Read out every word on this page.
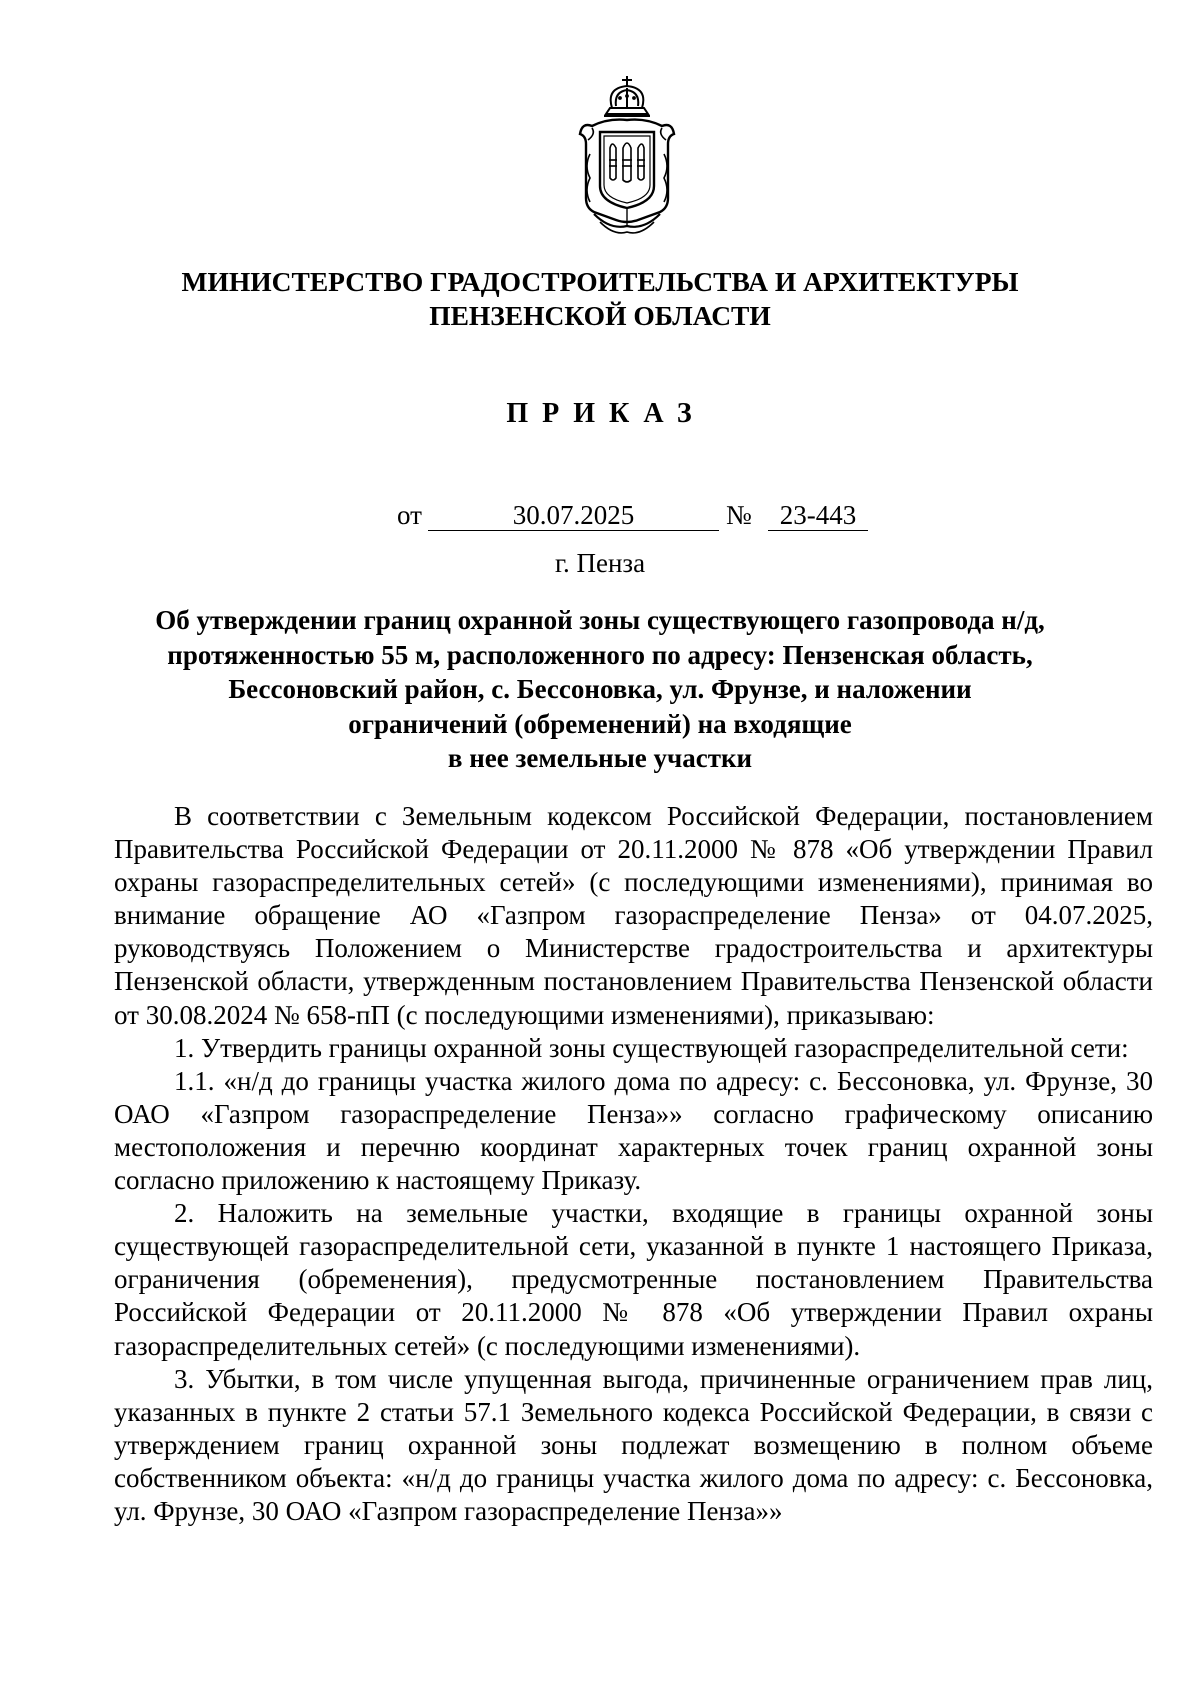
МИНИСТЕРСТВО ГРАДОСТРОИТЕЛЬСТВА И АРХИТЕКТУРЫ
ПЕНЗЕНСКОЙ ОБЛАСТИ
ПРИКАЗ
от	30.07.2025	№	23-443
г. Пенза
Об утверждении границ охранной зоны существующего газопровода н/д,
протяженностью 55 м, расположенного по адресу: Пензенская область,
Бессоновский район, с. Бессоновка, ул. Фрунзе, и наложении
ограничений (обременений) на входящие
в нее земельные участки

В соответствии с Земельным кодексом Российской Федерации, постановлением Правительства Российской Федерации от 20.11.2000 № 878 «Об утверждении Правил охраны газораспределительных сетей» (с последующими изменениями), принимая во внимание обращение АО «Газпром газораспределение Пенза» от 04.07.2025, руководствуясь Положением о Министерстве градостроительства и архитектуры Пензенской области, утвержденным постановлением Правительства Пензенской области от 30.08.2024 № 658-пП (с последующими изменениями), приказываю:

1. Утвердить границы охранной зоны существующей газораспределительной сети:

1.1. «н/д до границы участка жилого дома по адресу: с. Бессоновка, ул. Фрунзе, 30 ОАО «Газпром газораспределение Пенза»» согласно графическому описанию местоположения и перечню координат характерных точек границ охранной зоны согласно приложению к настоящему Приказу.

2. Наложить на земельные участки, входящие в границы охранной зоны существующей газораспределительной сети, указанной в пункте 1 настоящего Приказа, ограничения (обременения), предусмотренные постановлением Правительства Российской Федерации от 20.11.2000 № 878 «Об утверждении Правил охраны газораспределительных сетей» (с последующими изменениями).

3. Убытки, в том числе упущенная выгода, причиненные ограничением прав лиц, указанных в пункте 2 статьи 57.1 Земельного кодекса Российской Федерации, в связи с утверждением границ охранной зоны подлежат возмещению в полном объеме собственником объекта: «н/д до границы участка жилого дома по адресу: с. Бессоновка, ул. Фрунзе, 30 ОАО «Газпром газораспределение Пенза»»
